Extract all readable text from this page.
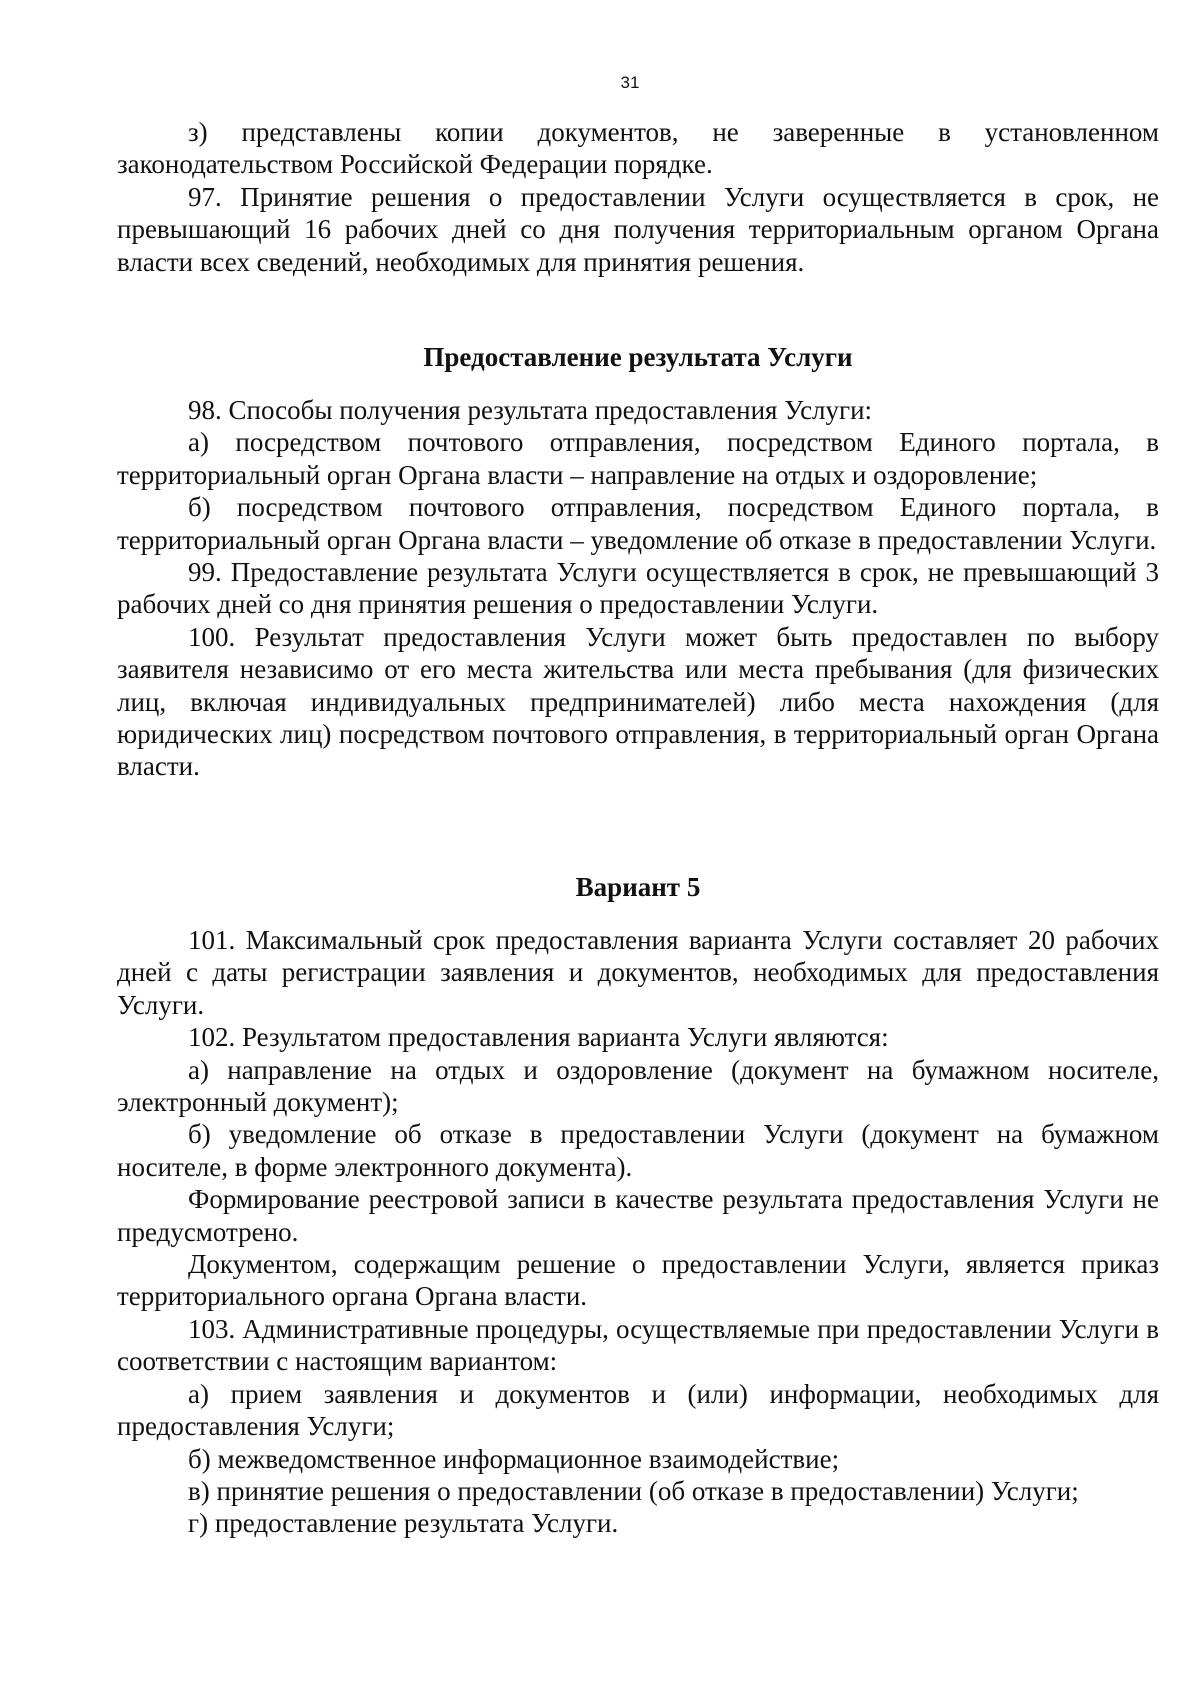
31

з) представлены копии документов, не заверенные в установленном законодательством Российской Федерации порядке.

97. Принятие решения о предоставлении Услуги осуществляется в срок, не превышающий 16 рабочих дней со дня получения территориальным органом Органа власти всех сведений, необходимых для принятия решения.

Предоставление результата Услуги

98. Способы получения результата предоставления Услуги:

а) посредством почтового отправления, посредством Единого портала, в территориальный орган Органа власти – направление на отдых и оздоровление;

б) посредством почтового отправления, посредством Единого портала, в территориальный орган Органа власти – уведомление об отказе в предоставлении Услуги.

99. Предоставление результата Услуги осуществляется в срок, не превышающий 3 рабочих дней со дня принятия решения о предоставлении Услуги.

100. Результат предоставления Услуги может быть предоставлен по выбору заявителя независимо от его места жительства или места пребывания (для физических лиц, включая индивидуальных предпринимателей) либо места нахождения (для юридических лиц) посредством почтового отправления, в территориальный орган Органа власти.

Вариант 5

101. Максимальный срок предоставления варианта Услуги составляет 20 рабочих дней с даты регистрации заявления и документов, необходимых для предоставления Услуги.

102. Результатом предоставления варианта Услуги являются:

а) направление на отдых и оздоровление (документ на бумажном носителе, электронный документ);

б) уведомление об отказе в предоставлении Услуги (документ на бумажном носителе, в форме электронного документа).

Формирование реестровой записи в качестве результата предоставления Услуги не предусмотрено.

Документом, содержащим решение о предоставлении Услуги, является приказ территориального органа Органа власти.

103. Административные процедуры, осуществляемые при предоставлении Услуги в соответствии с настоящим вариантом:

а) прием заявления и документов и (или) информации, необходимых для предоставления Услуги;

б) межведомственное информационное взаимодействие;

в) принятие решения о предоставлении (об отказе в предоставлении) Услуги;

г) предоставление результата Услуги.
